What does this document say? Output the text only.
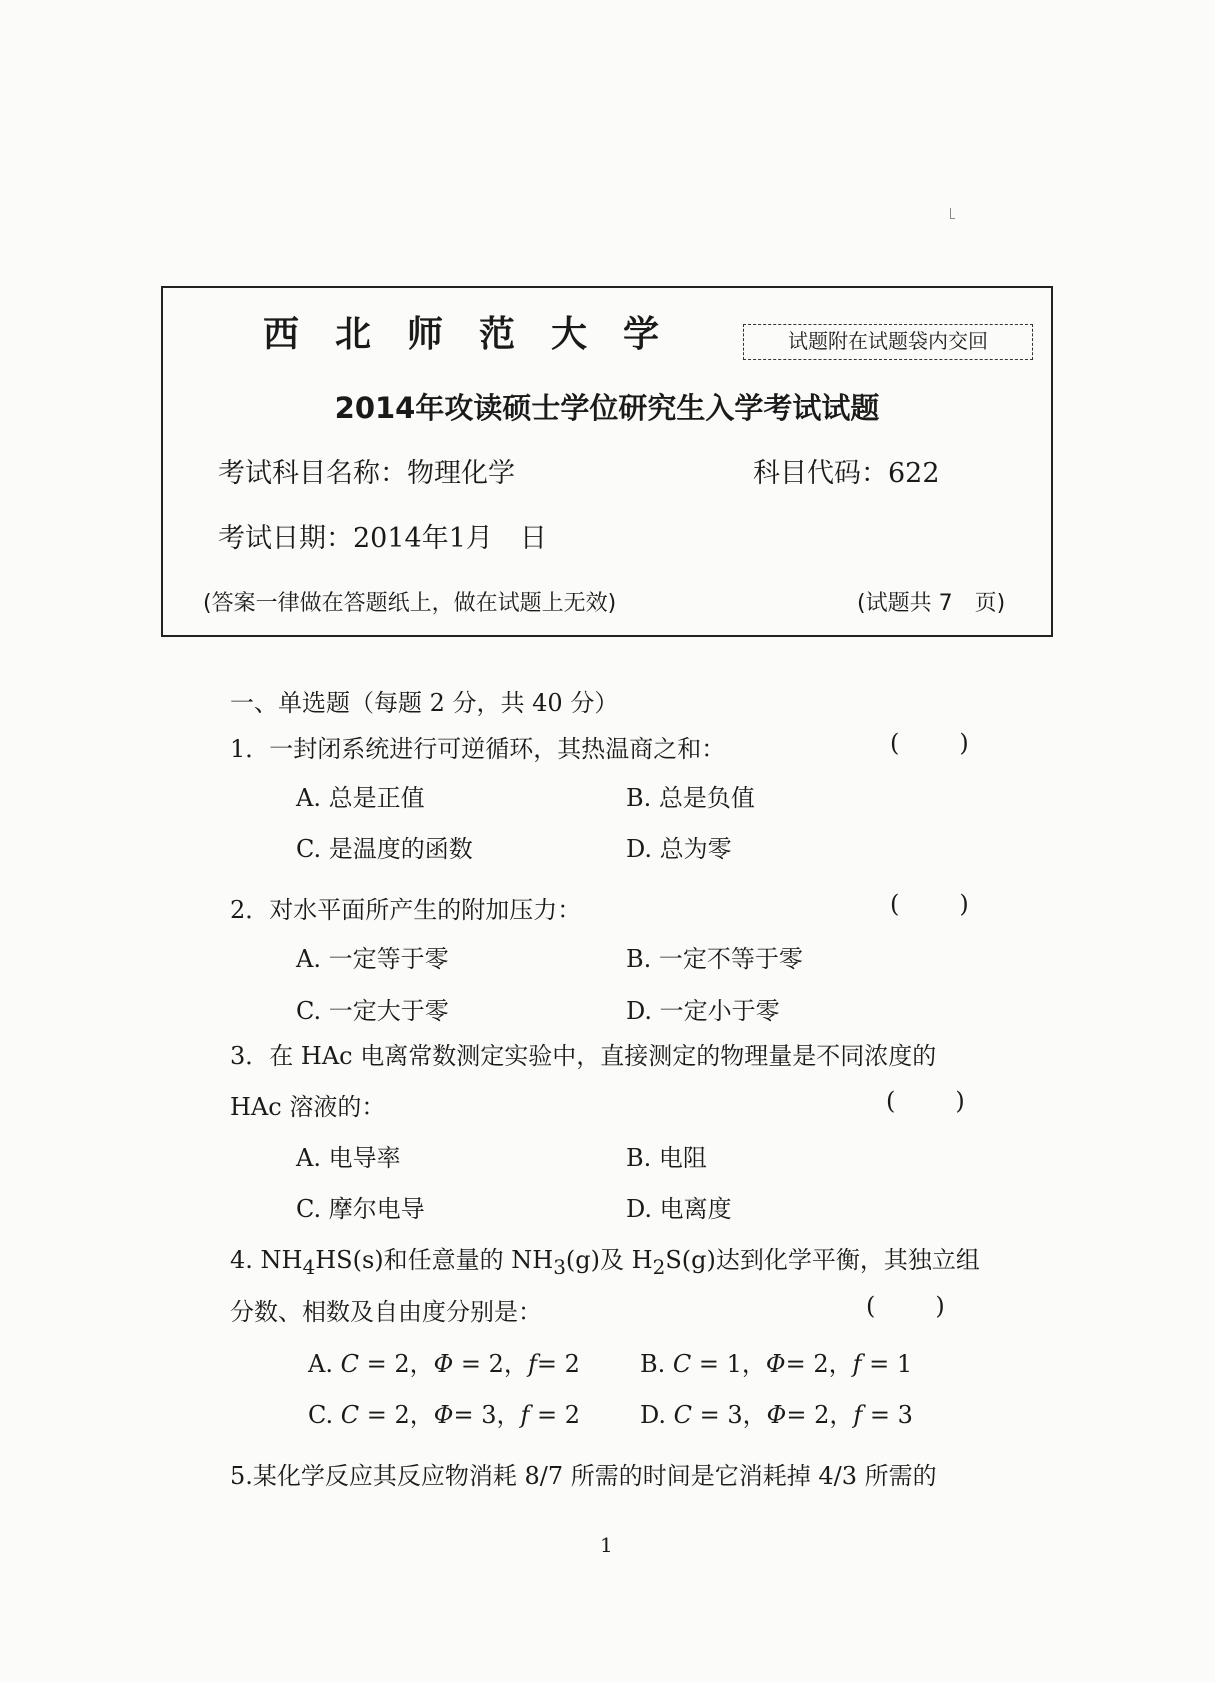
西北师范大学	试题附在试题袋内交回
2014年攻读硕士学位研究生入学考试试题
考试科目名称：物理化学	科目代码：622
考试日期：2014年1月　日
(答案一律做在答题纸上，做在试题上无效)	(试题共 7　页)
一、单选题（每题 2 分，共 40 分）
1．一封闭系统进行可逆循环，其热温商之和：	()
A. 总是正值	B. 总是负值
C. 是温度的函数	D. 总为零
2．对水平面所产生的附加压力：	()
A. 一定等于零	B. 一定不等于零
C. 一定大于零	D. 一定小于零
3．在 HAc 电离常数测定实验中，直接测定的物理量是不同浓度的
HAc 溶液的：	()
A. 电导率	B. 电阻
C. 摩尔电导	D. 电离度
4. $NH_4HS(s)$和任意量的 $NH_3(g)$及 $H_2S(g)$达到化学平衡，其独立组
分数、相数及自由度分别是：	()
A. C = 2，Φ = 2，f= 2	B. C = 1，Φ= 2，f = 1
C. C = 2，Φ= 3，f = 2 D. C = 3，Φ= 2，f = 3
5.某化学反应其反应物消耗 8/7 所需的时间是它消耗掉 4/3 所需的
1
